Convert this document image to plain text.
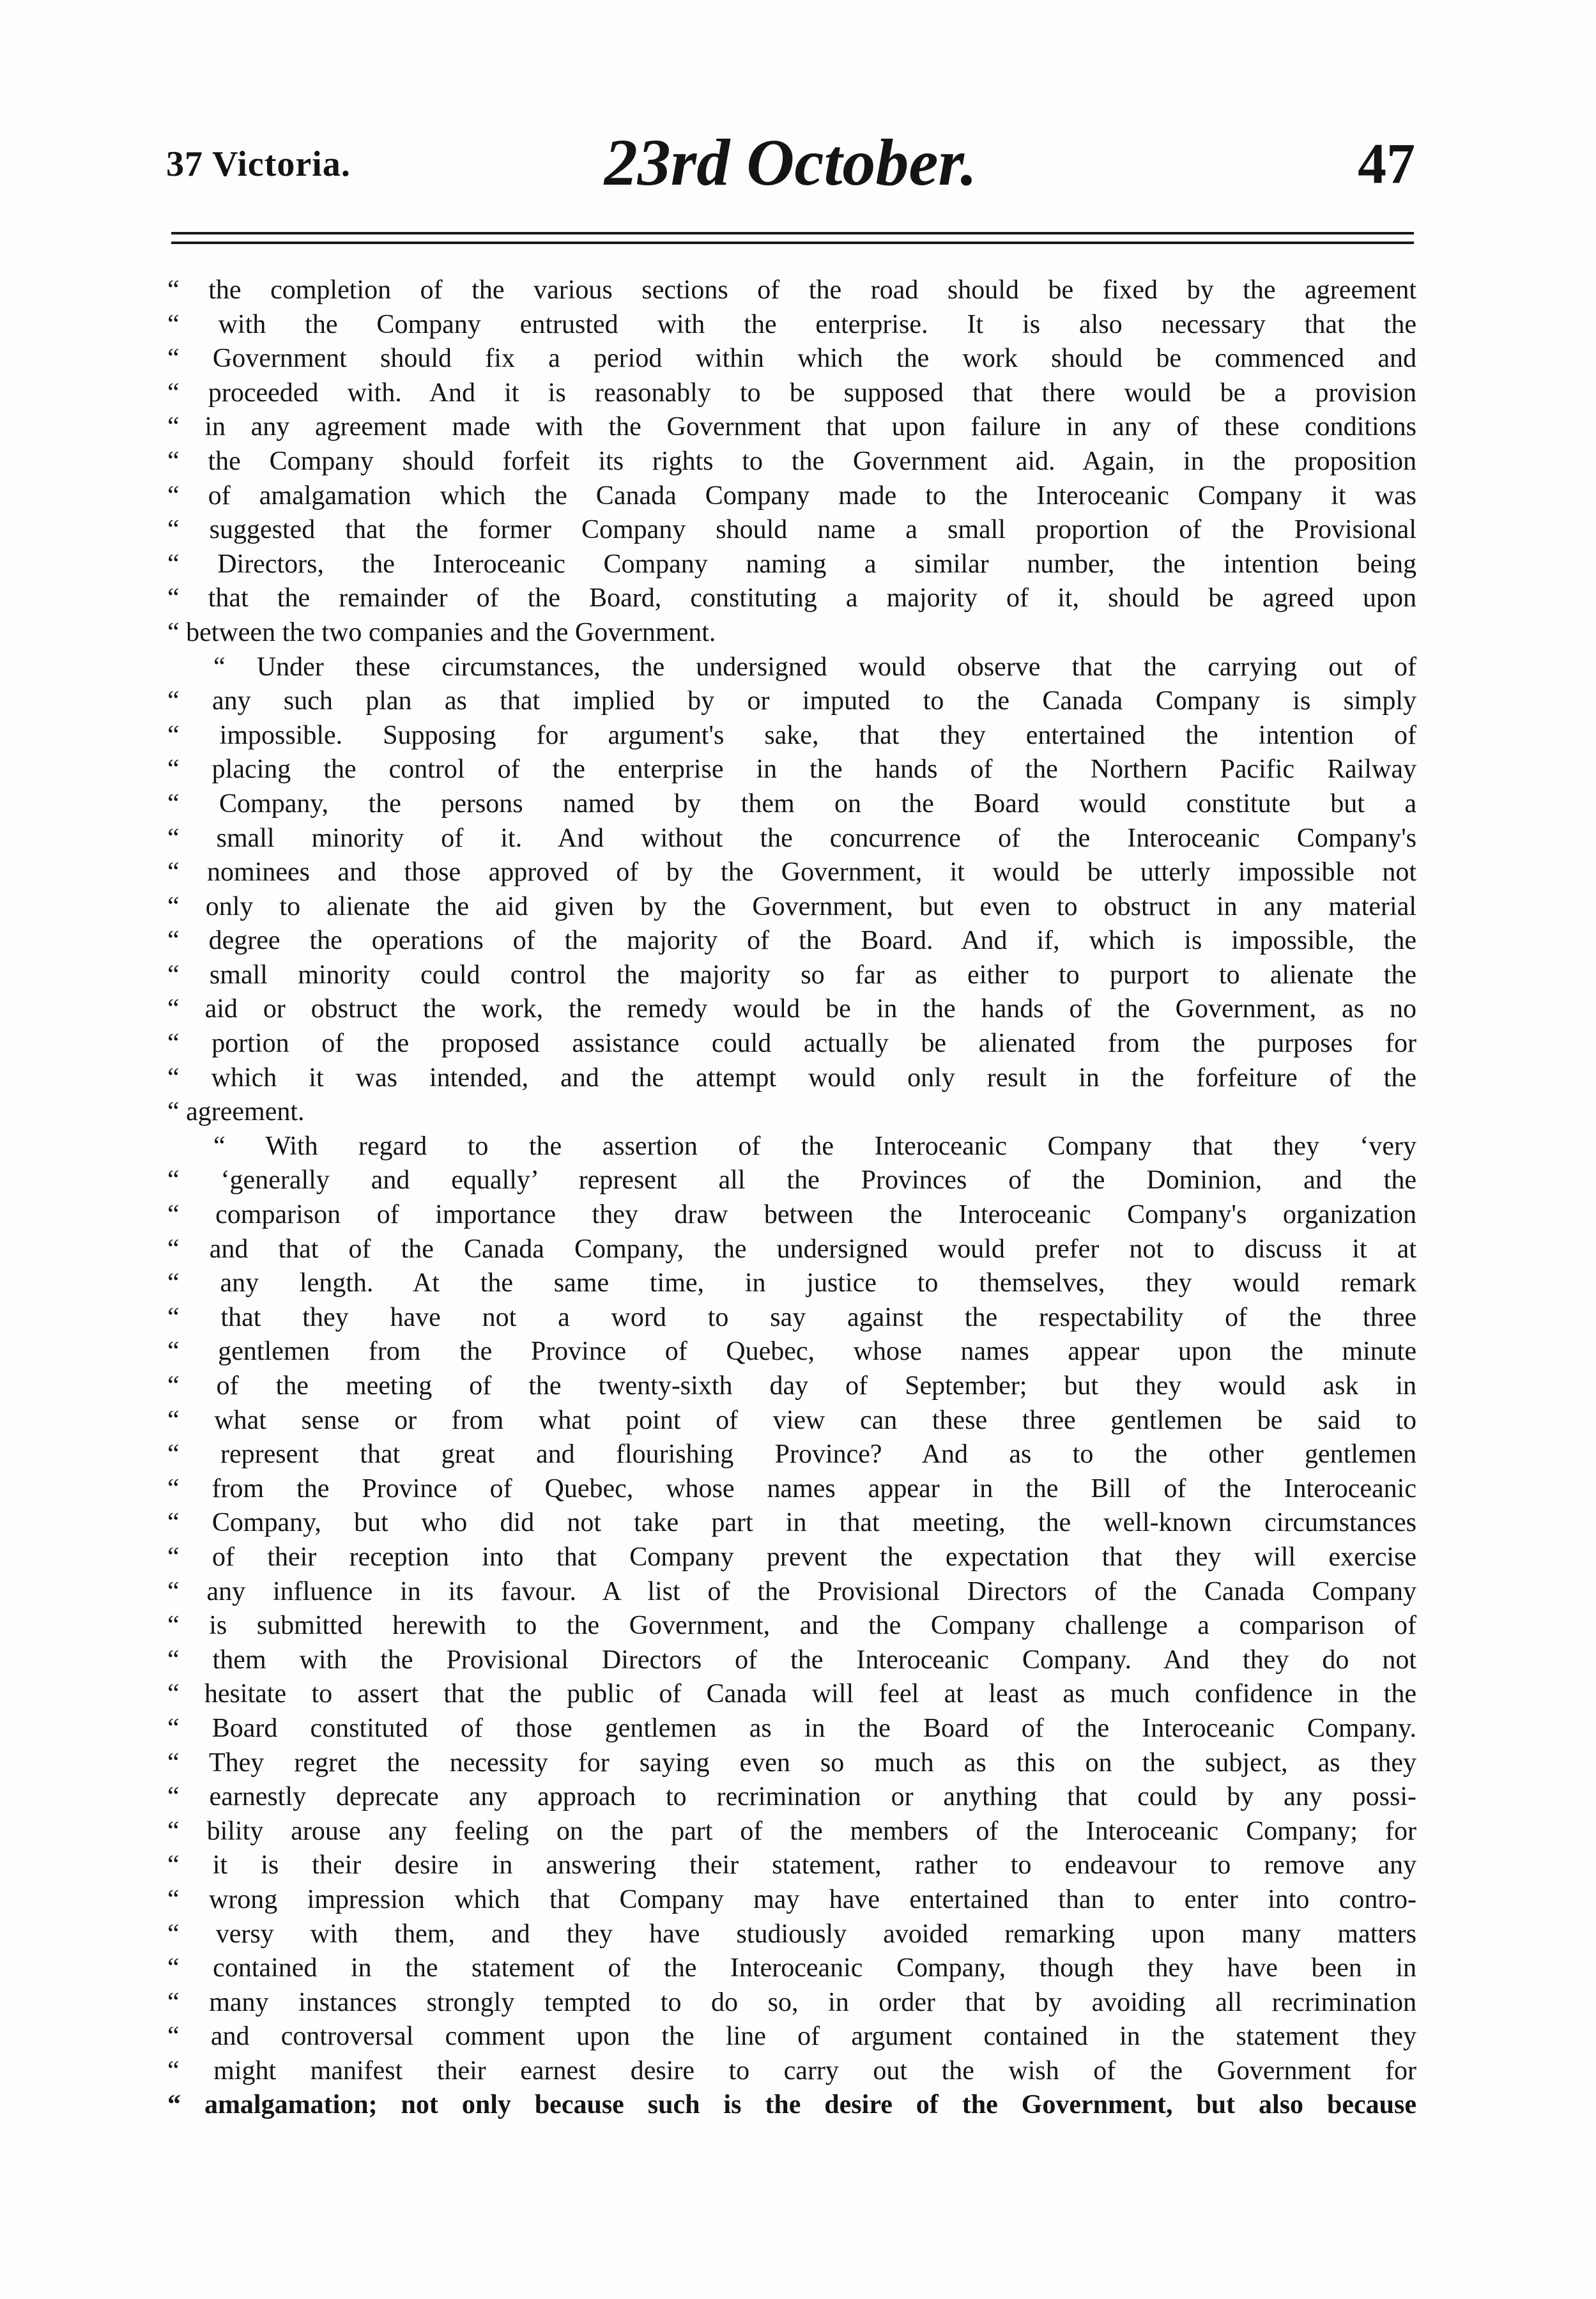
37 Victoria.	23rd October.	47
“ the completion of the various sections of the road should be fixed by the agreement
“ with the Company entrusted with the enterprise. It is also necessary that the
“ Government should fix a period within which the work should be commenced and
“ proceeded with. And it is reasonably to be supposed that there would be a provision
“ in any agreement made with the Government that upon failure in any of these conditions
“ the Company should forfeit its rights to the Government aid. Again, in the proposition
“ of amalgamation which the Canada Company made to the Interoceanic Company it was
“ suggested that the former Company should name a small proportion of the Provisional
“ Directors, the Interoceanic Company naming a similar number, the intention being
“ that the remainder of the Board, constituting a majority of it, should be agreed upon
“ between the two companies and the Government.
“ Under these circumstances, the undersigned would observe that the carrying out of
“ any such plan as that implied by or imputed to the Canada Company is simply
“ impossible. Supposing for argument's sake, that they entertained the intention of
“ placing the control of the enterprise in the hands of the Northern Pacific Railway
“ Company, the persons named by them on the Board would constitute but a
“ small minority of it. And without the concurrence of the Interoceanic Company's
“ nominees and those approved of by the Government, it would be utterly impossible not
“ only to alienate the aid given by the Government, but even to obstruct in any material
“ degree the operations of the majority of the Board. And if, which is impossible, the
“ small minority could control the majority so far as either to purport to alienate the
“ aid or obstruct the work, the remedy would be in the hands of the Government, as no
“ portion of the proposed assistance could actually be alienated from the purposes for
“ which it was intended, and the attempt would only result in the forfeiture of the
“ agreement.
“ With regard to the assertion of the Interoceanic Company that they ‘very
“ ‘generally and equally’ represent all the Provinces of the Dominion, and the
“ comparison of importance they draw between the Interoceanic Company's organization
“ and that of the Canada Company, the undersigned would prefer not to discuss it at
“ any length. At the same time, in justice to themselves, they would remark
“ that they have not a word to say against the respectability of the three
“ gentlemen from the Province of Quebec, whose names appear upon the minute
“ of the meeting of the twenty-sixth day of September; but they would ask in
“ what sense or from what point of view can these three gentlemen be said to
“ represent that great and flourishing Province? And as to the other gentlemen
“ from the Province of Quebec, whose names appear in the Bill of the Interoceanic
“ Company, but who did not take part in that meeting, the well-known circumstances
“ of their reception into that Company prevent the expectation that they will exercise
“ any influence in its favour. A list of the Provisional Directors of the Canada Company
“ is submitted herewith to the Government, and the Company challenge a comparison of
“ them with the Provisional Directors of the Interoceanic Company. And they do not
“ hesitate to assert that the public of Canada will feel at least as much confidence in the
“ Board constituted of those gentlemen as in the Board of the Interoceanic Company.
“ They regret the necessity for saying even so much as this on the subject, as they
“ earnestly deprecate any approach to recrimination or anything that could by any possi-
“ bility arouse any feeling on the part of the members of the Interoceanic Company; for
“ it is their desire in answering their statement, rather to endeavour to remove any
“ wrong impression which that Company may have entertained than to enter into contro-
“ versy with them, and they have studiously avoided remarking upon many matters
“ contained in the statement of the Interoceanic Company, though they have been in
“ many instances strongly tempted to do so, in order that by avoiding all recrimination
“ and controversal comment upon the line of argument contained in the statement they
“ might manifest their earnest desire to carry out the wish of the Government for
“ amalgamation; not only because such is the desire of the Government, but also because
